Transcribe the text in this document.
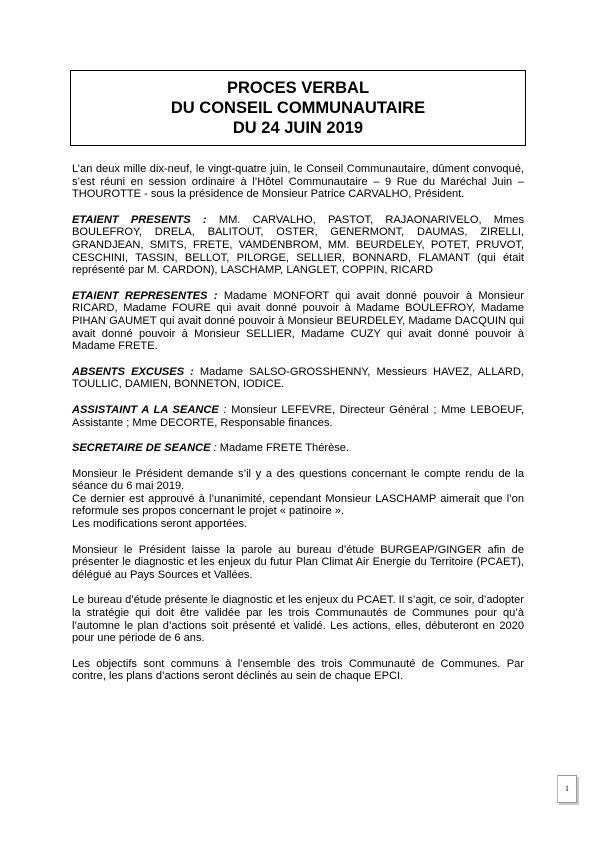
PROCES VERBAL
DU CONSEIL COMMUNAUTAIRE
DU 24 JUIN 2019

L’an deux mille dix-neuf, le vingt-quatre juin, le Conseil Communautaire, dûment convoqué, s’est réuni en session ordinaire à l’Hôtel Communautaire – 9 Rue du Maréchal Juin – THOUROTTE - sous la présidence de Monsieur Patrice CARVALHO, Président.

ETAIENT PRESENTS : MM. CARVALHO, PASTOT, RAJAONARIVELO, Mmes BOULEFROY, DRELA, BALITOUT, OSTER, GENERMONT, DAUMAS, ZIRELLI, GRANDJEAN, SMITS, FRETE, VAMDENBROM, MM. BEURDELEY, POTET, PRUVOT, CESCHINI, TASSIN, BELLOT, PILORGE, SELLIER, BONNARD, FLAMANT (qui était représenté par M. CARDON), LASCHAMP, LANGLET, COPPIN, RICARD

ETAIENT REPRESENTES : Madame MONFORT qui avait donné pouvoir à Monsieur RICARD, Madame FOURE qui avait donné pouvoir à Madame BOULEFROY, Madame PIHAN GAUMET qui avait donné pouvoir à Monsieur BEURDELEY, Madame DACQUIN qui avait donné pouvoir à Monsieur SELLIER, Madame CUZY qui avait donné pouvoir à Madame FRETE.

ABSENTS EXCUSES : Madame SALSO-GROSSHENNY, Messieurs HAVEZ, ALLARD, TOULLIC, DAMIEN, BONNETON, IODICE.

ASSISTAINT A LA SEANCE : Monsieur LEFEVRE, Directeur Général ; Mme LEBOEUF, Assistante ; Mme DECORTE, Responsable finances.

SECRETAIRE DE SEANCE : Madame FRETE Thérèse.

Monsieur le Président demande s’il y a des questions concernant le compte rendu de la séance du 6 mai 2019.

Ce dernier est approuvé à l’unanimité, cependant Monsieur LASCHAMP aimerait que l’on reformule ses propos concernant le projet « patinoire ».

Les modifications seront apportées.

Monsieur le Président laisse la parole au bureau d’étude BURGEAP/GINGER afin de présenter le diagnostic et les enjeux du futur Plan Climat Air Energie du Territoire (PCAET), délégué au Pays Sources et Vallées.

Le bureau d’étude présente le diagnostic et les enjeux du PCAET. Il s’agit, ce soir, d’adopter la stratégie qui doit être validée par les trois Communautés de Communes pour qu’à l’automne le plan d’actions soit présenté et validé. Les actions, elles, débuteront en 2020 pour une période de 6 ans.

Les objectifs sont communs à l’ensemble des trois Communauté de Communes. Par contre, les plans d’actions seront déclinés au sein de chaque EPCI.

1
